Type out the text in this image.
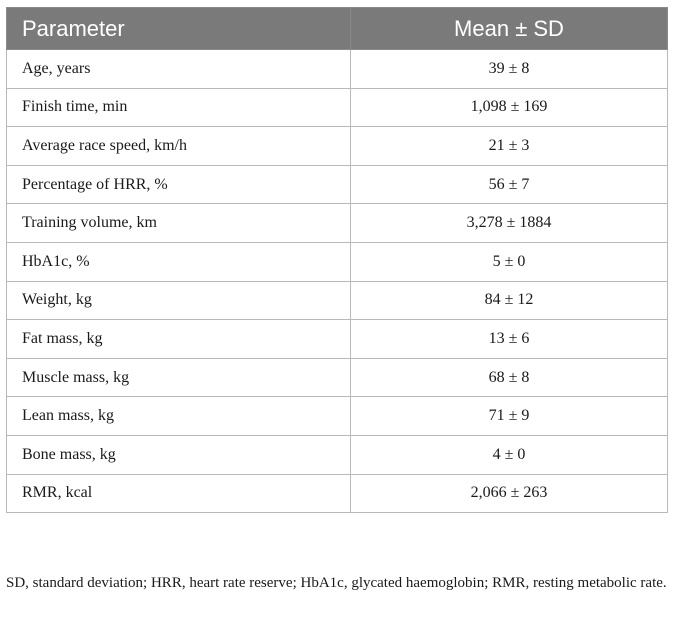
Parameter	Mean ± SD
Age, years	39 ± 8
Finish time, min	1,098 ± 169
Average race speed, km/h	21 ± 3
Percentage of HRR, %	56 ± 7
Training volume, km	3,278 ± 1884
HbA1c, %	5 ± 0
Weight, kg	84 ± 12
Fat mass, kg	13 ± 6
Muscle mass, kg	68 ± 8
Lean mass, kg	71 ± 9
Bone mass, kg	4 ± 0
RMR, kcal	2,066 ± 263

SD, standard deviation; HRR, heart rate reserve; HbA1c, glycated haemoglobin; RMR, resting metabolic rate.
